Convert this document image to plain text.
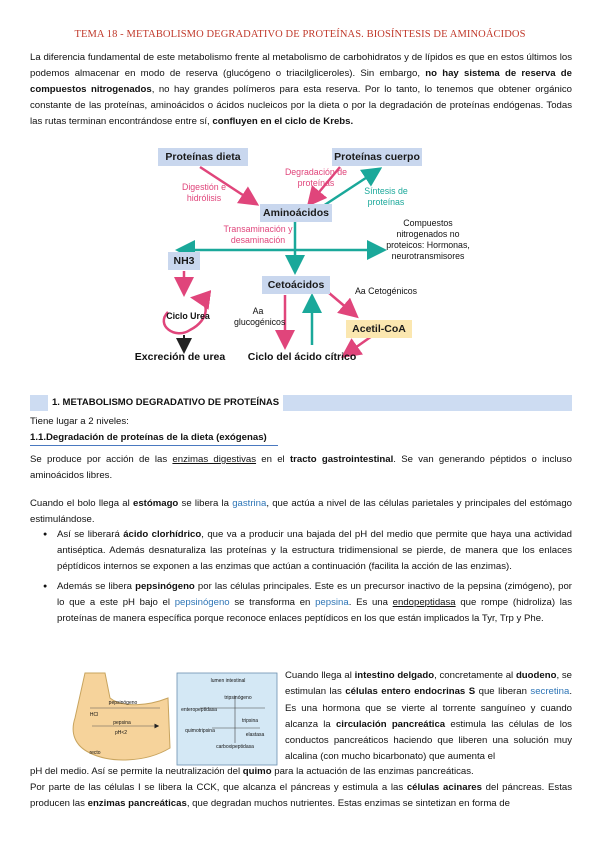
TEMA 18 - METABOLISMO DEGRADATIVO DE PROTEÍNAS. BIOSÍNTESIS DE AMINOÁCIDOS

La diferencia fundamental de este metabolismo frente al metabolismo de carbohidratos y de lípidos es que en estos últimos los podemos almacenar en modo de reserva (glucógeno o triacilgliceroles). Sin embargo, no hay sistema de reserva de compuestos nitrogenados, no hay grandes polímeros para esta reserva. Por lo tanto, lo tenemos que obtener orgánico constante de las proteínas, aminoácidos o ácidos nucleicos por la dieta o por la degradación de proteínas endógenas. Todas las rutas terminan encontrándose entre sí, confluyen en el ciclo de Krebs.

Proteínas dieta	Proteínas cuerpo
Aminoácidos
NH3
Cetoácidos
Acetil-CoA
Digestión e hidrólisis
Degradación de proteínas
Síntesis de proteínas
Transaminación y desaminación
Compuestos nitrogenados no proteicos: Hormonas, neurotransmisores
Aa Cetogénicos
Aa glucogénicos
Ciclo Urea
Excreción de urea	Ciclo del ácido cítrico
1. METABOLISMO DEGRADATIVO DE PROTEÍNAS
Tiene lugar a 2 niveles:
1.1.Degradación de proteínas de la dieta (exógenas)

Se produce por acción de las enzimas digestivas en el tracto gastrointestinal. Se van generando péptidos o incluso aminoácidos libres.

Cuando el bolo llega al estómago se libera la gastrina, que actúa a nivel de las células parietales y principales del estómago estimulándose.

● Así se liberará ácido clorhídrico, que va a producir una bajada del pH del medio que permite que haya una actividad antiséptica. Además desnaturaliza las proteínas y la estructura tridimensional se pierde, de manera que los enlaces péptídicos internos se exponen a las enzimas que actúan a continuación (facilita la acción de las enzimas).
● Además se libera pepsinógeno por las células principales. Este es un precursor inactivo de la pepsina (zimógeno), por lo que a este pH bajo el pepsinógeno se transforma en pepsina. Es una endopeptidasa que rompe (hidroliza) las proteínas de manera específica porque reconoce enlaces peptídicos en los que están implicados la Tyr, Trp y Phe.
pepsinógeno
HCl
pepsina
pH<2
recto
lumen intestinal
tripsinógeno
enteropeptidasa
quimotripsina
tripsina
elastasa
carboxipeptidasa

Cuando llega al intestino delgado, concretamente al duodeno, se estimulan las células entero endocrinas S que liberan secretina. Es una hormona que se vierte al torrente sanguíneo y cuando alcanza la circulación pancreática estimula las células de los conductos pancreáticos haciendo que liberen una solución muy alcalina (con mucho bicarbonato) que aumenta el

pH del medio. Así se permite la neutralización del quimo para la actuación de las enzimas pancreáticas.

Por parte de las células I se libera la CCK, que alcanza el páncreas y estimula a las células acinares del páncreas. Estas producen las enzimas pancreáticas, que degradan muchos nutrientes. Estas enzimas se sintetizan en forma de
